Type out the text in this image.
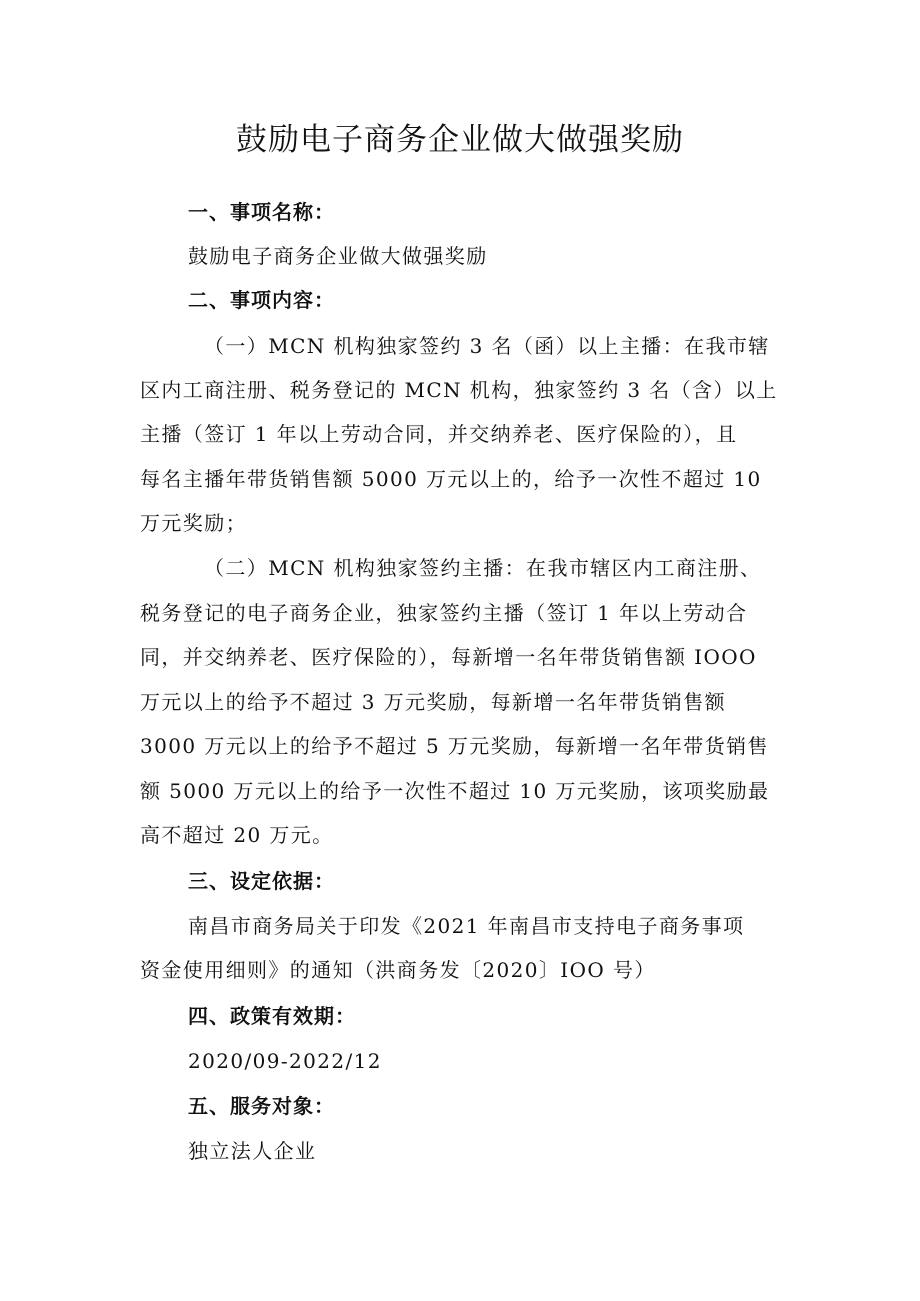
鼓励电子商务企业做大做强奖励
一、事项名称：
鼓励电子商务企业做大做强奖励
二、事项内容：
（一）MCN 机构独家签约 3 名（函）以上主播：在我市辖
区内工商注册、税务登记的 MCN 机构，独家签约 3 名（含）以上
主播（签订 1 年以上劳动合同，并交纳养老、医疗保险的），且
每名主播年带货销售额 5000 万元以上的，给予一次性不超过 10
万元奖励；
（二）MCN 机构独家签约主播：在我市辖区内工商注册、
税务登记的电子商务企业，独家签约主播（签订 1 年以上劳动合
同，并交纳养老、医疗保险的），每新增一名年带货销售额 IOOO
万元以上的给予不超过 3 万元奖励，每新增一名年带货销售额
3000 万元以上的给予不超过 5 万元奖励，每新增一名年带货销售
额 5000 万元以上的给予一次性不超过 10 万元奖励，该项奖励最
高不超过 20 万元。
三、设定依据：
南昌市商务局关于印发《2021 年南昌市支持电子商务事项
资金使用细则》的通知（洪商务发〔2020〕IOO 号）
四、政策有效期：
2020/09-2022/12
五、服务对象：
独立法人企业
